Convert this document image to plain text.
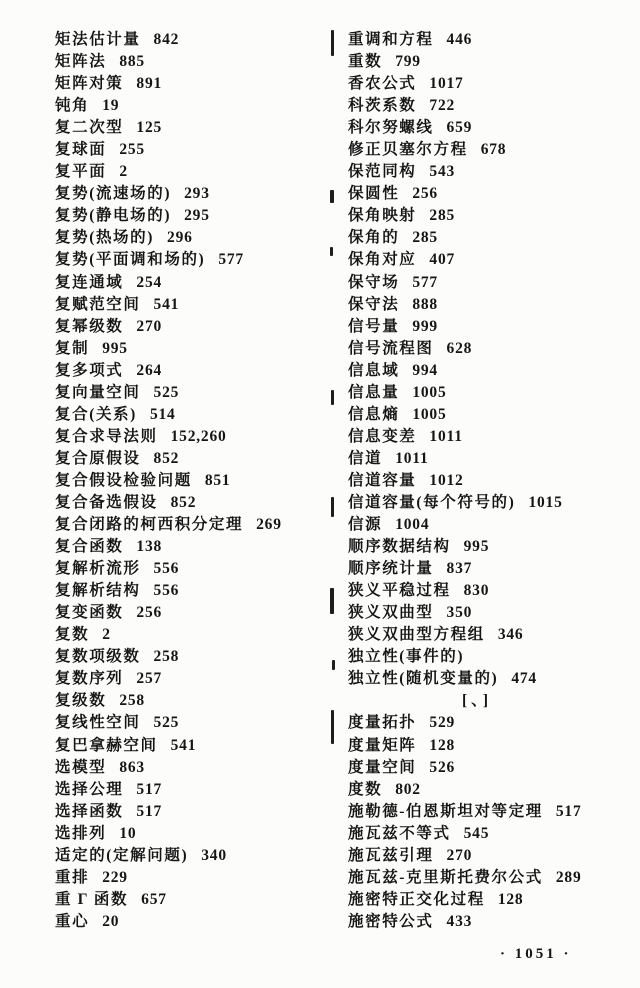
矩法估计量 842
矩阵法 885
矩阵对策 891
钝角 19
复二次型 125
复球面 255
复平面 2
复势(流速场的) 293
复势(静电场的) 295
复势(热场的) 296
复势(平面调和场的) 577
复连通域 254
复赋范空间 541
复幂级数 270
复制 995
复多项式 264
复向量空间 525
复合(关系) 514
复合求导法则 152,260
复合原假设 852
复合假设检验问题 851
复合备选假设 852
复合闭路的柯西积分定理 269
复合函数 138
复解析流形 556
复解析结构 556
复变函数 256
复数 2
复数项级数 258
复数序列 257
复级数 258
复线性空间 525
复巴拿赫空间 541
选模型 863
选择公理 517
选择函数 517
选排列 10
适定的(定解问题) 340
重排 229
重 Γ 函数 657
重心 20
重调和方程 446
重数 799
香农公式 1017
科茨系数 722
科尔努螺线 659
修正贝塞尔方程 678
保范同构 543
保圆性 256
保角映射 285
保角的 285
保角对应 407
保守场 577
保守法 888
信号量 999
信号流程图 628
信息域 994
信息量 1005
信息熵 1005
信息变差 1011
信道 1011
信道容量 1012
信道容量(每个符号的) 1015
信源 1004
顺序数据结构 995
顺序统计量 837
狭义平稳过程 830
狭义双曲型 350
狭义双曲型方程组 346
独立性(事件的)
独立性(随机变量的) 474
[、]
度量拓扑 529
度量矩阵 128
度量空间 526
度数 802
施勒德-伯恩斯坦对等定理 517
施瓦兹不等式 545
施瓦兹引理 270
施瓦兹-克里斯托费尔公式 289
施密特正交化过程 128
施密特公式 433
· 1051 ·
